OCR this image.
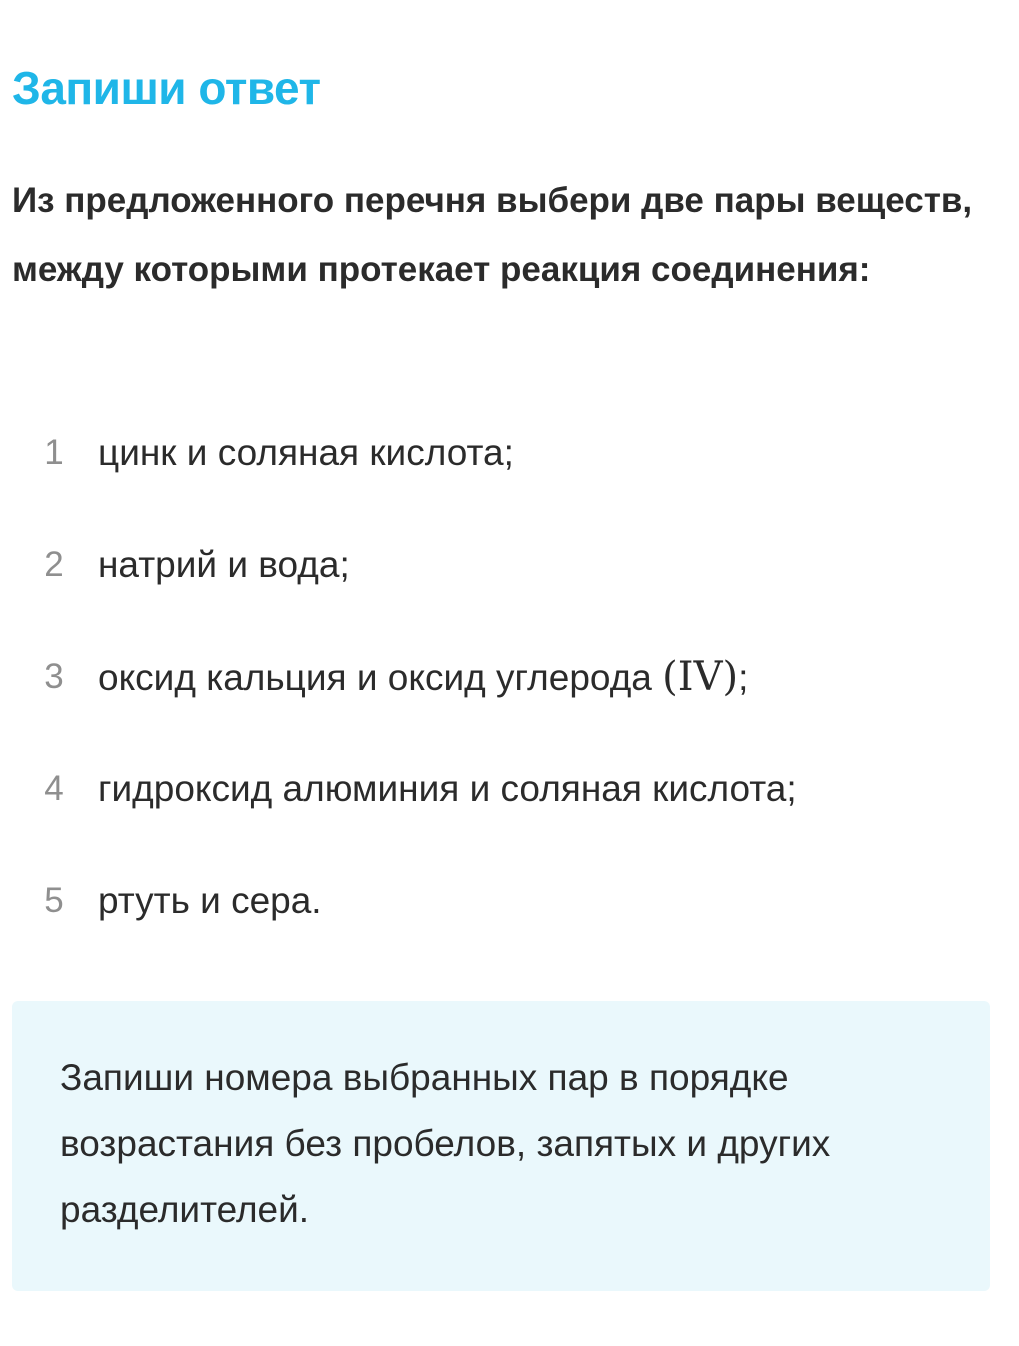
Запиши ответ

Из предложенного перечня выбери две пары веществ, между которыми протекает реакция соединения:

1 цинк и соляная кислота;
2 натрий и вода;
3 оксид кальция и оксид углерода (IV);
4 гидроксид алюминия и соляная кислота;
5 ртуть и сера.

Запиши номера выбранных пар в порядке возрастания без пробелов, запятых и других разделителей.
